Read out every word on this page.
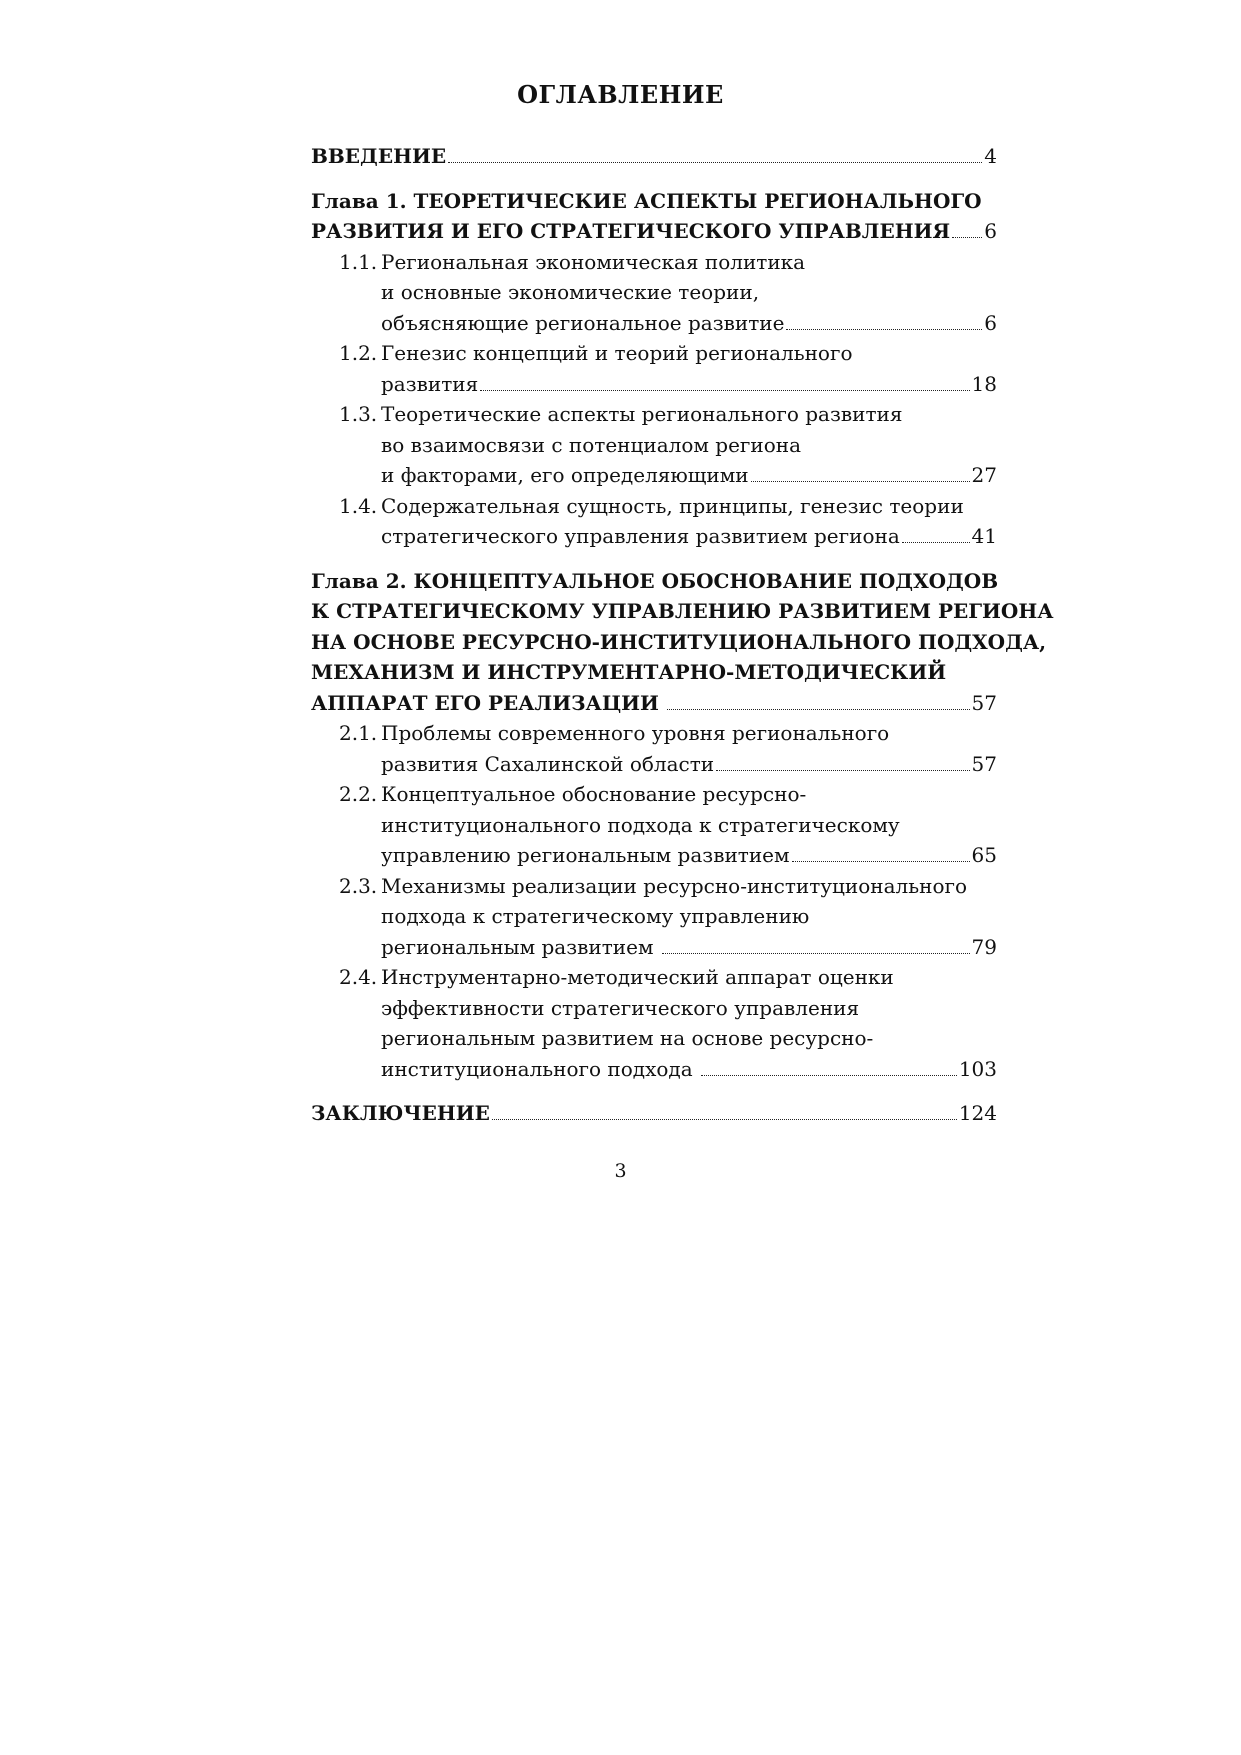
ОГЛАВЛЕНИЕ
ВВЕДЕНИЕ	4
Глава 1. ТЕОРЕТИЧЕСКИЕ АСПЕКТЫ РЕГИОНАЛЬНОГО
РАЗВИТИЯ И ЕГО СТРАТЕГИЧЕСКОГО УПРАВЛЕНИЯ 6
1.1. Региональная экономическая политика
и основные экономические теории,
объясняющие региональное развитие	6
1.2. Генезис концепций и теорий регионального
развития	18
1.3. Теоретические аспекты регионального развития
во взаимосвязи с потенциалом региона
и факторами, его определяющими	27
1.4. Содержательная сущность, принципы, генезис теории
стратегического управления развитием региона	41
Глава 2. КОНЦЕПТУАЛЬНОЕ ОБОСНОВАНИЕ ПОДХОДОВ
К СТРАТЕГИЧЕСКОМУ УПРАВЛЕНИЮ РАЗВИТИЕМ РЕГИОНА
НА ОСНОВЕ РЕСУРСНО-ИНСТИТУЦИОНАЛЬНОГО ПОДХОДА,
МЕХАНИЗМ И ИНСТРУМЕНТАРНО-МЕТОДИЧЕСКИЙ
АППАРАТ ЕГО РЕАЛИЗАЦИИ	57
2.1. Проблемы современного уровня регионального
развития Сахалинской области	57
2.2. Концептуальное обоснование ресурсно-
институционального подхода к стратегическому
управлению региональным развитием	65
2.3. Механизмы реализации ресурсно-институционального
подхода к стратегическому управлению
региональным развитием	79
2.4. Инструментарно-методический аппарат оценки
эффективности стратегического управления
региональным развитием на основе ресурсно-
институционального подхода	103
ЗАКЛЮЧЕНИЕ	124
3
